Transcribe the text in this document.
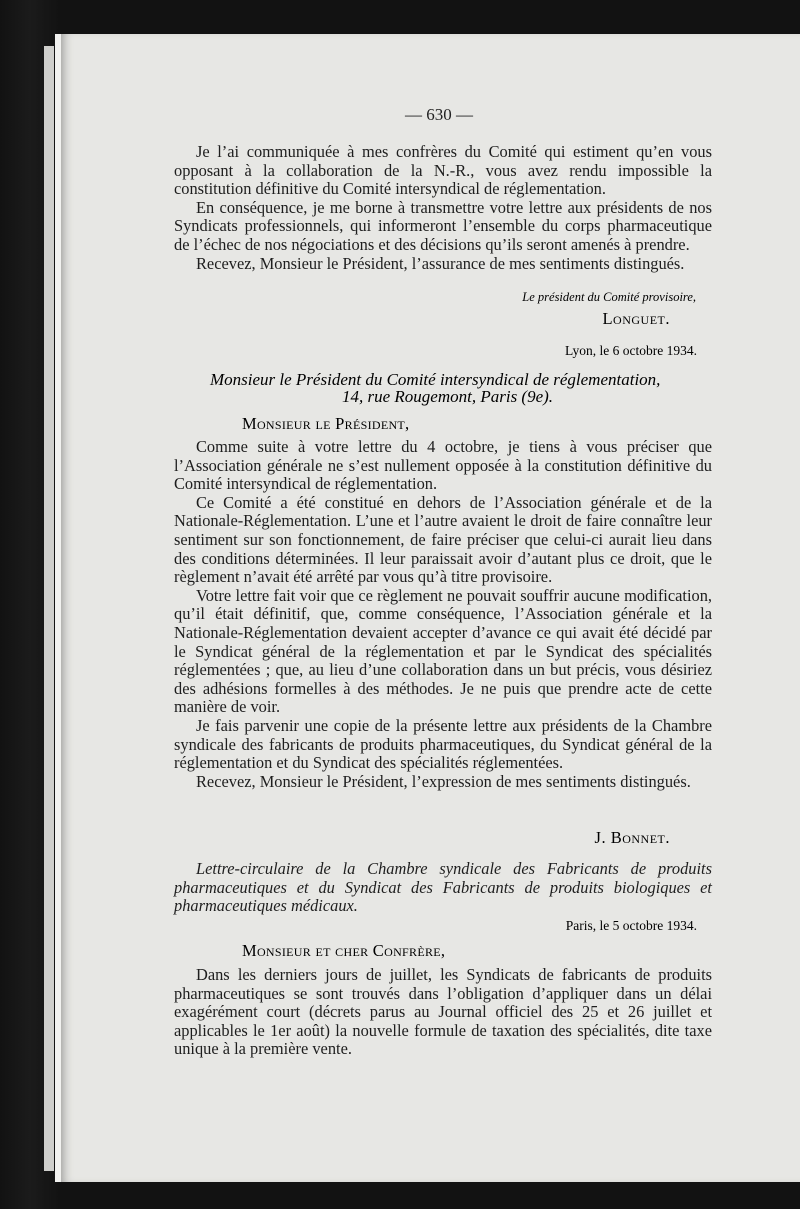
— 630 —

Je l’ai communiquée à mes confrères du Comité qui estiment qu’en vous opposant à la collaboration de la N.-R., vous avez rendu impossible la constitution définitive du Comité intersyndical de réglementation.

En conséquence, je me borne à transmettre votre lettre aux présidents de nos Syndicats professionnels, qui informeront l’ensemble du corps pharmaceutique de l’échec de nos négociations et des décisions qu’ils seront amenés à prendre.

Recevez, Monsieur le Président, l’assurance de mes sentiments distingués.

Le président du Comité provisoire,
Longuet.
Lyon, le 6 octobre 1934.
Monsieur le Président du Comité intersyndical de réglementation,
14, rue Rougemont, Paris (9e).
Monsieur le Président,

Comme suite à votre lettre du 4 octobre, je tiens à vous préciser que l’Association générale ne s’est nullement opposée à la constitution définitive du Comité intersyndical de réglementation.

Ce Comité a été constitué en dehors de l’Association générale et de la Nationale-Réglementation. L’une et l’autre avaient le droit de faire connaître leur sentiment sur son fonctionnement, de faire préciser que celui-ci aurait lieu dans des conditions déterminées. Il leur paraissait avoir d’autant plus ce droit, que le règlement n’avait été arrêté par vous qu’à titre provisoire.

Votre lettre fait voir que ce règlement ne pouvait souffrir aucune modification, qu’il était définitif, que, comme conséquence, l’Association générale et la Nationale-Réglementation devaient accepter d’avance ce qui avait été décidé par le Syndicat général de la réglementation et par le Syndicat des spécialités réglementées ; que, au lieu d’une collaboration dans un but précis, vous désiriez des adhésions formelles à des méthodes. Je ne puis que prendre acte de cette manière de voir.

Je fais parvenir une copie de la présente lettre aux présidents de la Chambre syndicale des fabricants de produits pharmaceutiques, du Syndicat général de la réglementation et du Syndicat des spécialités réglementées.

Recevez, Monsieur le Président, l’expression de mes sentiments distingués.

J. Bonnet.

Lettre-circulaire de la Chambre syndicale des Fabricants de produits pharmaceutiques et du Syndicat des Fabricants de produits biologiques et pharmaceutiques médicaux.

Paris, le 5 octobre 1934.
Monsieur et cher Confrère,

Dans les derniers jours de juillet, les Syndicats de fabricants de produits pharmaceutiques se sont trouvés dans l’obligation d’appliquer dans un délai exagérément court (décrets parus au Journal officiel des 25 et 26 juillet et applicables le 1er août) la nouvelle formule de taxation des spécialités, dite taxe unique à la première vente.
